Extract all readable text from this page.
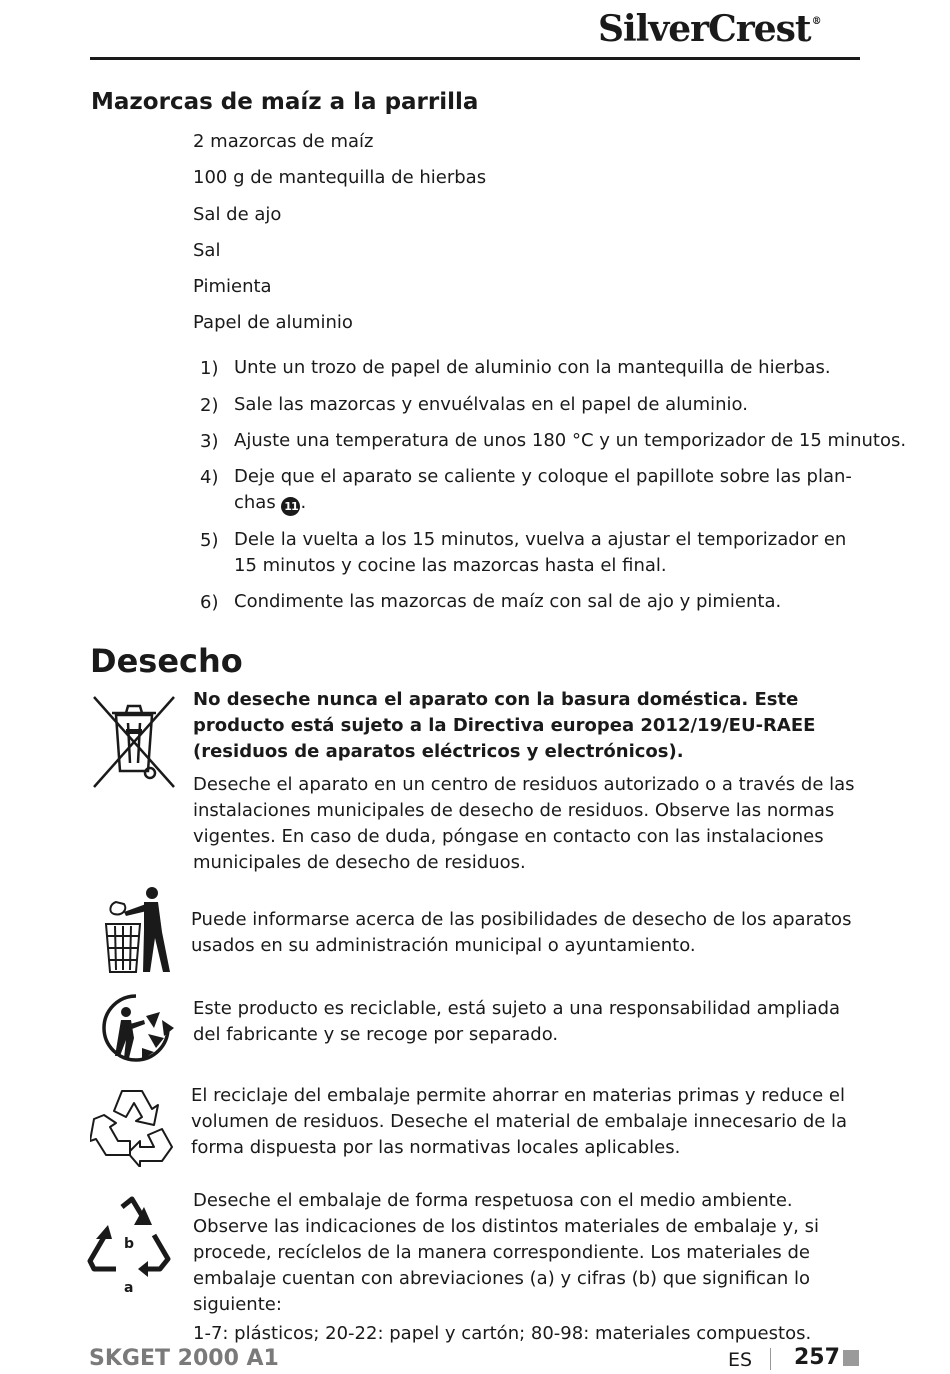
SilverCrest®
Mazorcas de maíz a la parrilla
2 mazorcas de maíz
100 g de mantequilla de hierbas
Sal de ajo
Sal
Pimienta
Papel de aluminio
1) Unte un trozo de papel de aluminio con la mantequilla de hierbas.
2) Sale las mazorcas y envuélvalas en el papel de aluminio.
3) Ajuste una temperatura de unos 180 °C y un temporizador de 15 minutos.
4) Deje que el aparato se caliente y coloque el papillote sobre las plan-
chas 11 .
5) Dele la vuelta a los 15 minutos, vuelva a ajustar el temporizador en
15 minutos y cocine las mazorcas hasta el final.
6) Condimente las mazorcas de maíz con sal de ajo y pimienta.
Desecho
No deseche nunca el aparato con la basura doméstica. Este producto está sujeto a la Directiva europea 2012/19/EU-RAEE (residuos de aparatos eléctricos y electrónicos).
Deseche el aparato en un centro de residuos autorizado o a través de las instalaciones municipales de desecho de residuos. Observe las normas vigentes. En caso de duda, póngase en contacto con las instalaciones municipales de desecho de residuos.
Puede informarse acerca de las posibilidades de desecho de los aparatos usados en su administración municipal o ayuntamiento.
Este producto es reciclable, está sujeto a una responsabilidad ampliada del fabricante y se recoge por separado.
El reciclaje del embalaje permite ahorrar en materias primas y reduce el volumen de residuos. Deseche el material de embalaje innecesario de la forma dispuesta por las normativas locales aplicables.
b
a
Deseche el embalaje de forma respetuosa con el medio ambiente.
Observe las indicaciones de los distintos materiales de embalaje y, si procede, recíclelos de la manera correspondiente. Los materiales de embalaje cuentan con abreviaciones (a) y cifras (b) que significan lo siguiente:
1-7: plásticos; 20-22: papel y cartón; 80-98: materiales compuestos.
SKGET 2000 A1	ES 257
